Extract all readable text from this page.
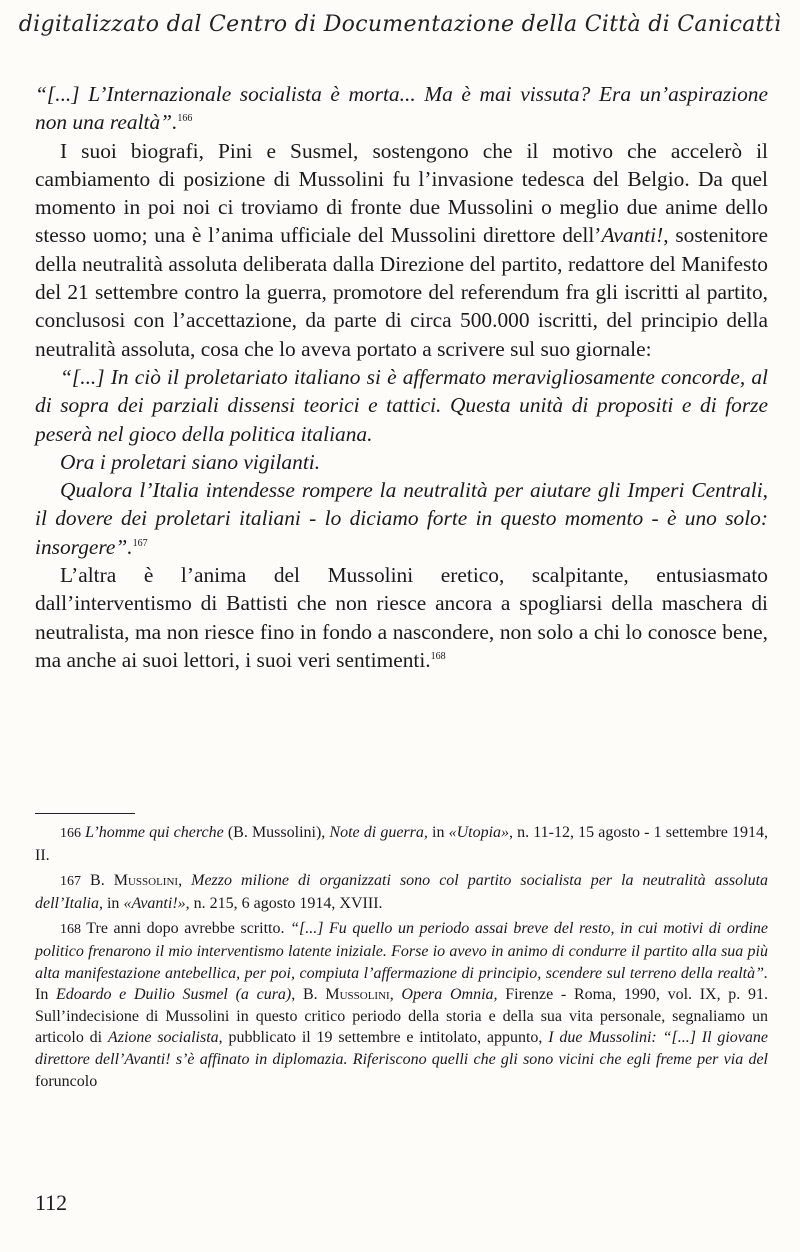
digitalizzato dal Centro di Documentazione della Città di Canicattì

“[...] L’Internazionale socialista è morta... Ma è mai vissuta? Era un’aspirazione non una realtà”.$^{166}$

I suoi biografi, Pini e Susmel, sostengono che il motivo che accelerò il cambiamento di posizione di Mussolini fu l’invasione tedesca del Belgio. Da quel momento in poi noi ci troviamo di fronte due Mussolini o meglio due anime dello stesso uomo; una è l’anima ufficiale del Mussolini direttore dell’Avanti!, sostenitore della neutralità assoluta deliberata dalla Direzione del partito, redattore del Manifesto del 21 settembre contro la guerra, promotore del referendum fra gli iscritti al partito, conclusosi con l’accettazione, da parte di circa 500.000 iscritti, del principio della neutralità assoluta, cosa che lo aveva portato a scrivere sul suo giornale:

“[...] In ciò il proletariato italiano si è affermato meravigliosamente concorde, al di sopra dei parziali dissensi teorici e tattici. Questa unità di propositi e di forze peserà nel gioco della politica italiana.

Ora i proletari siano vigilanti.

Qualora l’Italia intendesse rompere la neutralità per aiutare gli Imperi Centrali, il dovere dei proletari italiani - lo diciamo forte in questo momento - è uno solo: insorgere”.$^{167}$

L’altra è l’anima del Mussolini eretico, scalpitante, entusiasmato dall’interventismo di Battisti che non riesce ancora a spogliarsi della maschera di neutralista, ma non riesce fino in fondo a nascondere, non solo a chi lo conosce bene, ma anche ai suoi lettori, i suoi veri sentimenti.$^{168}$

166 L’homme qui cherche (B. Mussolini), Note di guerra, in «Utopia», n. 11-12, 15 agosto - 1 settembre 1914, II.

167 B. Mussolini, Mezzo milione di organizzati sono col partito socialista per la neutralità assoluta dell’Italia, in «Avanti!», n. 215, 6 agosto 1914, XVIII.

168 Tre anni dopo avrebbe scritto. “[...] Fu quello un periodo assai breve del resto, in cui motivi di ordine politico frenarono il mio interventismo latente iniziale. Forse io avevo in animo di condurre il partito alla sua più alta manifestazione antebellica, per poi, compiuta l’affermazione di principio, scendere sul terreno della realtà”. In Edoardo e Duilio Susmel (a cura), B. Mussolini, Opera Omnia, Firenze - Roma, 1990, vol. IX, p. 91. Sull’indecisione di Mussolini in questo critico periodo della storia e della sua vita personale, segnaliamo un articolo di Azione socialista, pubblicato il 19 settembre e intitolato, appunto, I due Mussolini: “[...] Il giovane direttore dell’Avanti! s’è affinato in diplomazia. Riferiscono quelli che gli sono vicini che egli freme per via del foruncolo

112
